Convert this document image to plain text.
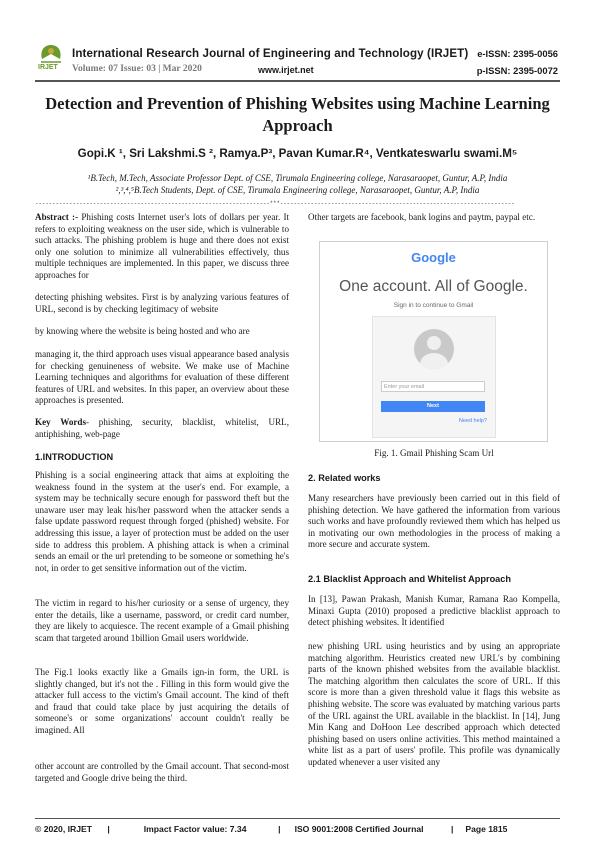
IRJET
International Research Journal of Engineering and Technology (IRJET) e-ISSN: 2395-0056
Volume: 07 Issue: 03 | Mar 2020	www.irjet.net	p-ISSN: 2395-0072
Detection and Prevention of Phishing Websites using Machine Learning
Approach
Gopi.K ¹, Sri Lakshmi.S ², Ramya.P³, Pavan Kumar.R⁴, Ventkateswarlu swami.M⁵
¹B.Tech, M.Tech, Associate Professor Dept. of CSE, Tirumala Engineering college, Narasaraopet, Guntur, A.P, India
²,³,⁴,⁵B.Tech Students, Dept. of CSE, Tirumala Engineering college, Narasaraopet, Guntur, A.P, India
---------------------------------------------------------------------***---------------------------------------------------------------------

Abstract :- Phishing costs Internet user's lots of dollars per year. It refers to exploiting weakness on the user side, which is vulnerable to such attacks. The phishing problem is huge and there does not exist only one solution to minimize all vulnerabilities effectively, thus multiple techniques are implemented. In this paper, we discuss three approaches for

detecting phishing websites. First is by analyzing various features of URL, second is by checking legitimacy of website
by knowing where the website is being hosted and who are
managing it, the third approach uses visual appearance based analysis for checking genuineness of website. We make use of Machine Learning techniques and algorithms for evaluation of these different features of URL and websites. In this paper, an overview about these approaches is presented.

Key Words- phishing, security, blacklist, whitelist, URL, antiphishing, web-page

1.INTRODUCTION
Phishing is a social engineering attack that aims at exploiting the weakness found in the system at the user's end. For example, a system may be technically secure enough for password theft but the unaware user may leak his/her password when the attacker sends a false update password request through forged (phished) website. For addressing this issue, a layer of protection must be added on the user side to address this problem. A phishing attack is when a criminal sends an email or the url pretending to be someone or something he's not, in order to get sensitive information out of the victim.
The victim in regard to his/her curiosity or a sense of urgency, they enter the details, like a username, password, or credit card number, they are likely to acquiesce. The recent example of a Gmail phishing scam that targeted around 1billion Gmail users worldwide.
The Fig.1 looks exactly like a Gmails ign-in form, the URL is slightly changed, but it's not the . Filling in this form would give the attacker full access to the victim's Gmail account. The kind of theft and fraud that could take place by just acquiring the details of someone's or some organizations' account couldn't really be imagined. All
other account are controlled by the Gmail account. That second-most targeted and Google drive being the third.
Other targets are facebook, bank logins and paytm, paypal etc.
Google
One account. All of Google.
Sign in to continue to Gmail
Enter your email
Next
Need help?
Fig. 1. Gmail Phishing Scam Url
2. Related works
Many researchers have previously been carried out in this field of phishing detection. We have gathered the information from various such works and have profoundly reviewed them which has helped us in motivating our own methodologies in the process of making a more secure and accurate system.
2.1 Blacklist Approach and Whitelist Approach
In [13], Pawan Prakash, Manish Kumar, Ramana Rao Kompella, Minaxi Gupta (2010) proposed a predictive blacklist approach to detect phishing websites. It identified
new phishing URL using heuristics and by using an appropriate matching algorithm. Heuristics created new URL's by combining parts of the known phished websites from the available blacklist. The matching algorithm then calculates the score of URL. If this score is more than a given threshold value it flags this website as phishing website. The score was evaluated by matching various parts of the URL against the URL available in the blacklist. In [14], Jung Min Kang and DoHoon Lee described approach which detected phishing based on users online activities. This method maintained a white list as a part of users' profile. This profile was dynamically updated whenever a user visited any
© 2020, IRJET |	Impact Factor value: 7.34	| ISO 9001:2008 Certified Journal	| Page 1815
